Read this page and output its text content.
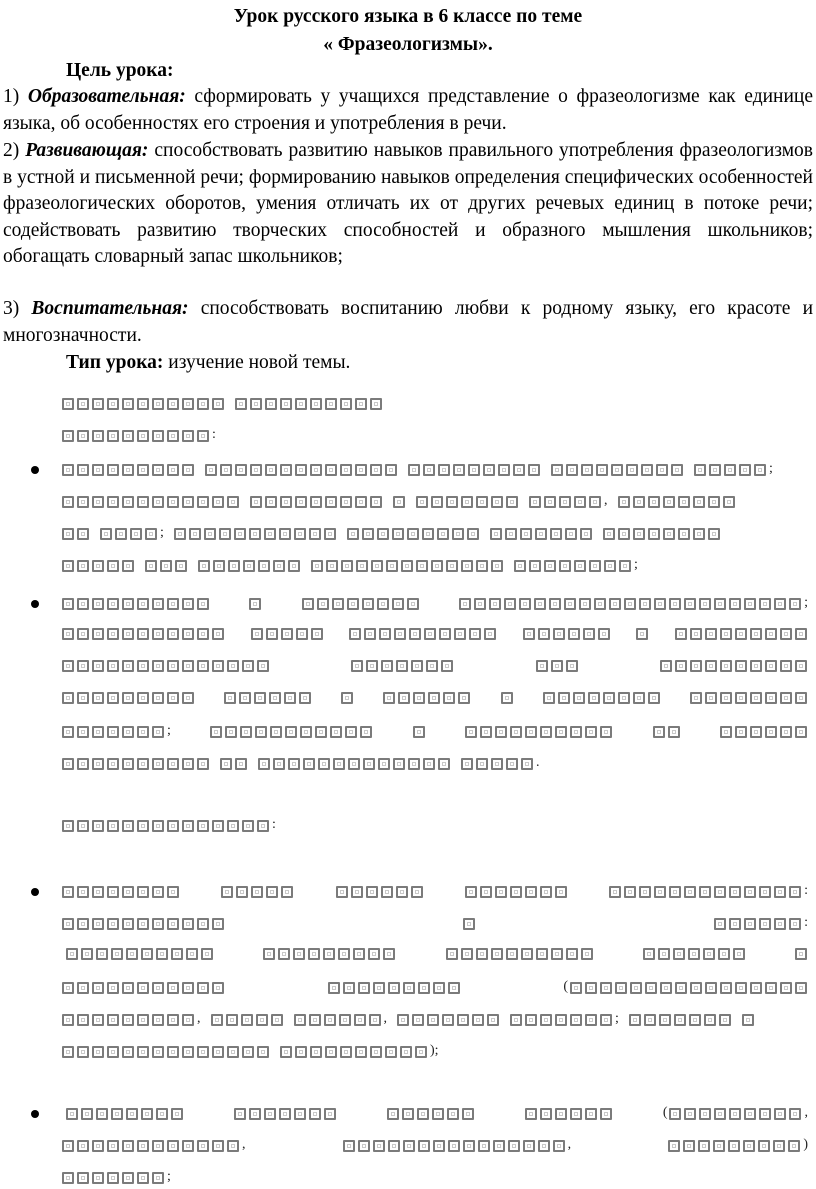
Урок русского языка в 6 классе по теме
« Фразеологизмы».
Цель урока:
1) Образовательная: сформировать у учащихся представление о фразеологизме как единице языка, об особенностях его строения и употребления в речи.
2) Развивающая: способствовать развитию навыков правильного употребления фразеологизмов в устной и письменной речи; формированию навыков определения специфических особенностей фразеологических оборотов, умения отличать их от других речевых единиц в потоке речи; содействовать развитию творческих способностей и образного мышления школьников; обогащать словарный запас школьников;
3) Воспитательная: способствовать воспитанию любви к родному языку, его красоте и многозначности.
Тип урока: изучение новой темы.
:
;
,
;
;
;
;
.
:
:
:
(
,	,	;
);
(	,
,	,	)
;
